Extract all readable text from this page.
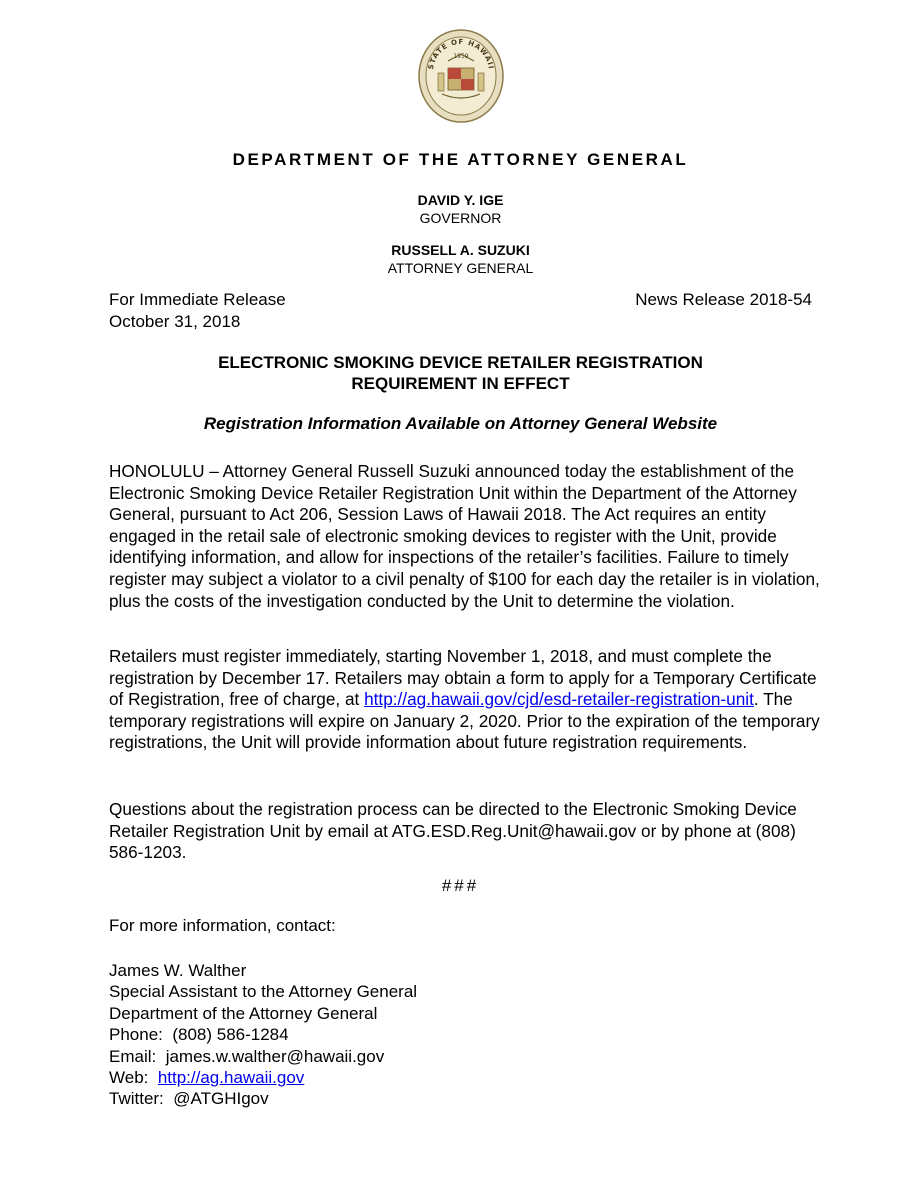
STATE OF HAWAII
1959
DEPARTMENT OF THE ATTORNEY GENERAL
DAVID Y. IGE
GOVERNOR
RUSSELL A. SUZUKI
ATTORNEY GENERAL
For Immediate Release
October 31, 2018
News Release 2018-54
ELECTRONIC SMOKING DEVICE RETAILER REGISTRATION
REQUIREMENT IN EFFECT
Registration Information Available on Attorney General Website
HONOLULU – Attorney General Russell Suzuki announced today the establishment of the Electronic Smoking Device Retailer Registration Unit within the Department of the Attorney General, pursuant to Act 206, Session Laws of Hawaii 2018. The Act requires an entity engaged in the retail sale of electronic smoking devices to register with the Unit, provide identifying information, and allow for inspections of the retailer’s facilities. Failure to timely register may subject a violator to a civil penalty of $100 for each day the retailer is in violation, plus the costs of the investigation conducted by the Unit to determine the violation.
Retailers must register immediately, starting November 1, 2018, and must complete the registration by December 17. Retailers may obtain a form to apply for a Temporary Certificate of Registration, free of charge, at http://ag.hawaii.gov/cjd/esd-retailer-registration-unit. The temporary registrations will expire on January 2, 2020. Prior to the expiration of the temporary registrations, the Unit will provide information about future registration requirements.
Questions about the registration process can be directed to the Electronic Smoking Device Retailer Registration Unit by email at ATG.ESD.Reg.Unit@hawaii.gov or by phone at (808) 586-1203.
###
For more information, contact:
James W. Walther
Special Assistant to the Attorney General
Department of the Attorney General
Phone: (808) 586-1284
Email: james.w.walther@hawaii.gov
Web: http://ag.hawaii.gov
Twitter: @ATGHIgov
